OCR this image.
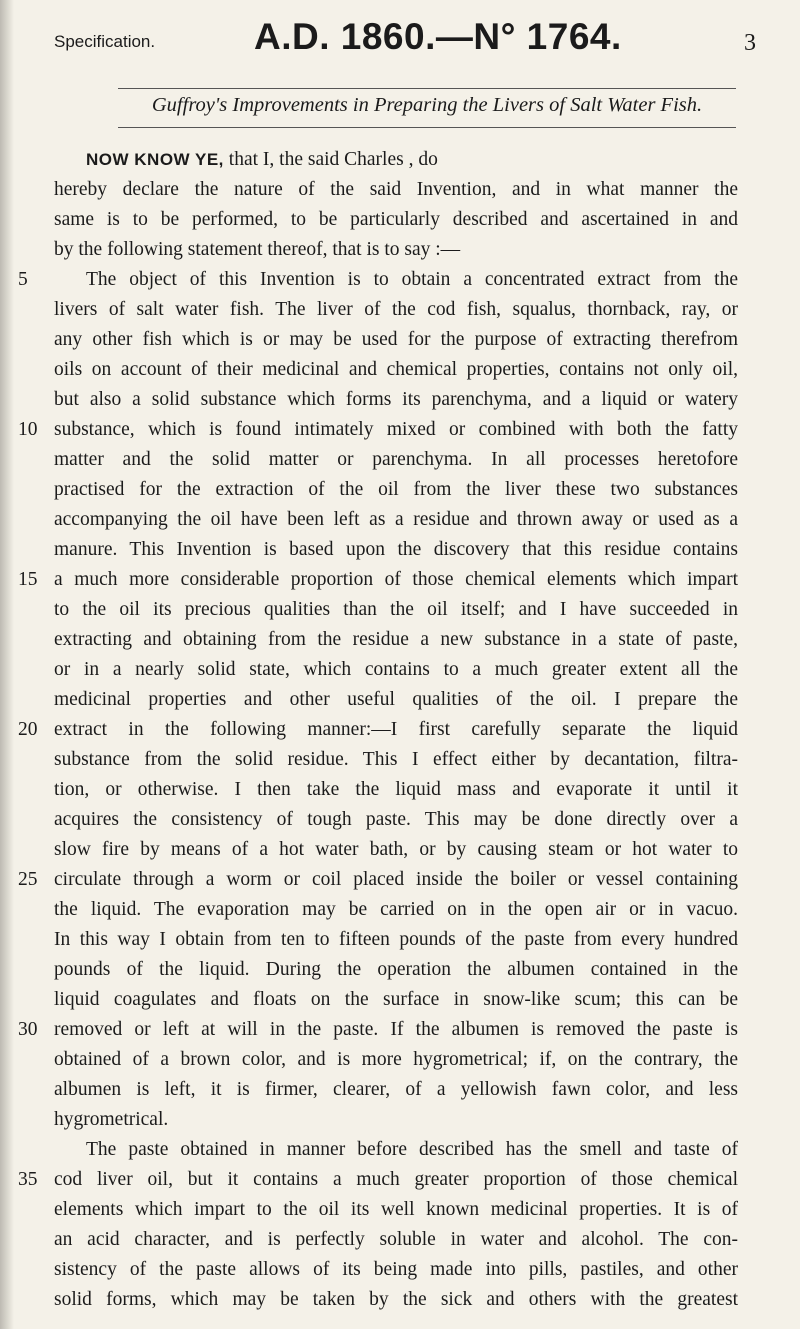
Specification.	A.D. 1860.—N° 1764.	3
Guffroy's Improvements in Preparing the Livers of Salt Water Fish.
NOW KNOW YE, that I, the said Charles , do
hereby declare the nature of the said Invention, and in what manner the
same is to be performed, to be particularly described and ascertained in and
by the following statement thereof, that is to say :—
The object of this Invention is to obtain a concentrated extract from the
livers of salt water fish. The liver of the cod fish, squalus, thornback, ray, or
any other fish which is or may be used for the purpose of extracting therefrom
oils on account of their medicinal and chemical properties, contains not only oil,
but also a solid substance which forms its parenchyma, and a liquid or watery
substance, which is found intimately mixed or combined with both the fatty
matter and the solid matter or parenchyma. In all processes heretofore
practised for the extraction of the oil from the liver these two substances
accompanying the oil have been left as a residue and thrown away or used as a
manure. This Invention is based upon the discovery that this residue contains
a much more considerable proportion of those chemical elements which impart
to the oil its precious qualities than the oil itself; and I have succeeded in
extracting and obtaining from the residue a new substance in a state of paste,
or in a nearly solid state, which contains to a much greater extent all the
medicinal properties and other useful qualities of the oil. I prepare the
extract in the following manner:—I first carefully separate the liquid
substance from the solid residue. This I effect either by decantation, filtra-
tion, or otherwise. I then take the liquid mass and evaporate it until it
acquires the consistency of tough paste. This may be done directly over a
slow fire by means of a hot water bath, or by causing steam or hot water to
circulate through a worm or coil placed inside the boiler or vessel containing
the liquid. The evaporation may be carried on in the open air or in vacuo.
In this way I obtain from ten to fifteen pounds of the paste from every hundred
pounds of the liquid. During the operation the albumen contained in the
liquid coagulates and floats on the surface in snow-like scum; this can be
removed or left at will in the paste. If the albumen is removed the paste is
obtained of a brown color, and is more hygrometrical; if, on the contrary, the
albumen is left, it is firmer, clearer, of a yellowish fawn color, and less
hygrometrical.
The paste obtained in manner before described has the smell and taste of
cod liver oil, but it contains a much greater proportion of those chemical
elements which impart to the oil its well known medicinal properties. It is of
an acid character, and is perfectly soluble in water and alcohol. The con-
sistency of the paste allows of its being made into pills, pastiles, and other
solid forms, which may be taken by the sick and others with the greatest
5
10
15
20
25
30
35
